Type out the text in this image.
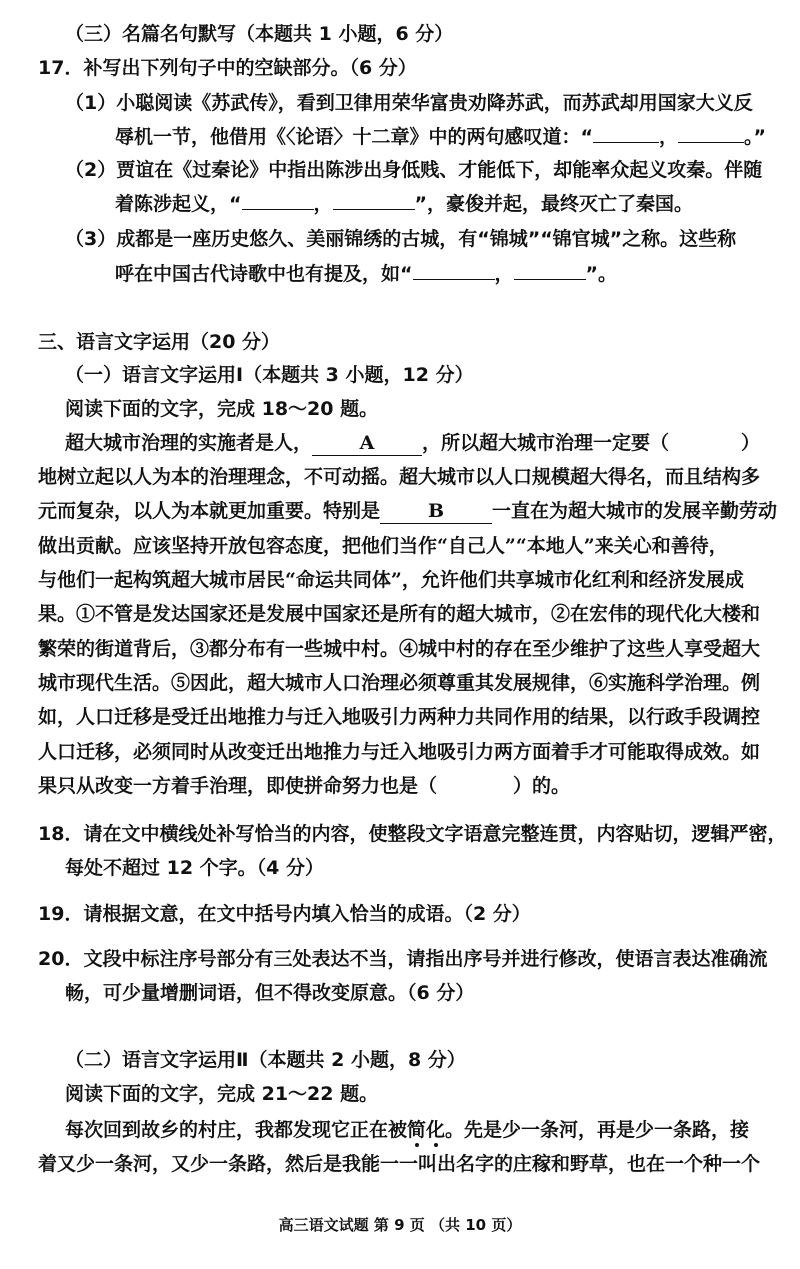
（三）名篇名句默写（本题共 1 小题，6 分）
17．补写出下列句子中的空缺部分。（6 分）
（1）小聪阅读《苏武传》，看到卫律用荣华富贵劝降苏武，而苏武却用国家大义反
辱机一节，他借用《〈论语〉十二章》中的两句感叹道：“	，	。”
（2）贾谊在《过秦论》中指出陈涉出身低贱、才能低下，却能率众起义攻秦。伴随
着陈涉起义，“	，	”，豪俊并起，最终灭亡了秦国。
（3）成都是一座历史悠久、美丽锦绣的古城，有“锦城”“锦官城”之称。这些称
呼在中国古代诗歌中也有提及，如“	，	”。
三、语言文字运用（20 分）
（一）语言文字运用Ⅰ（本题共 3 小题，12 分）
阅读下面的文字，完成 18～20 题。
超大城市治理的实施者是人，	A	，所以超大城市治理一定要（	）
地树立起以人为本的治理理念，不可动摇。超大城市以人口规模超大得名，而且结构多
元而复杂，以人为本就更加重要。特别是	B	一直在为超大城市的发展辛勤劳动
做出贡献。应该坚持开放包容态度，把他们当作“自己人”“本地人”来关心和善待，
与他们一起构筑超大城市居民“命运共同体”，允许他们共享城市化红利和经济发展成
果。①不管是发达国家还是发展中国家还是所有的超大城市，②在宏伟的现代化大楼和
繁荣的街道背后，③都分布有一些城中村。④城中村的存在至少维护了这些人享受超大
城市现代生活。⑤因此，超大城市人口治理必须尊重其发展规律，⑥实施科学治理。例
如，人口迁移是受迁出地推力与迁入地吸引力两种力共同作用的结果，以行政手段调控
人口迁移，必须同时从改变迁出地推力与迁入地吸引力两方面着手才可能取得成效。如
果只从改变一方着手治理，即使拼命努力也是（	）的。
18．请在文中横线处补写恰当的内容，使整段文字语意完整连贯，内容贴切，逻辑严密，
每处不超过 12 个字。（4 分）
19．请根据文意，在文中括号内填入恰当的成语。（2 分）
20．文段中标注序号部分有三处表达不当，请指出序号并进行修改，使语言表达准确流
畅，可少量增删词语，但不得改变原意。（6 分）
（二）语言文字运用Ⅱ（本题共 2 小题，8 分）
阅读下面的文字，完成 21～22 题。
每次回到故乡的村庄，我都发现它正在被简化。先是少一条河，再是少一条路，接
着又少一条河，又少一条路，然后是我能一一叫出名字的庄稼和野草，也在一个种一个
高三语文试题 第 9 页 （共 10 页）
